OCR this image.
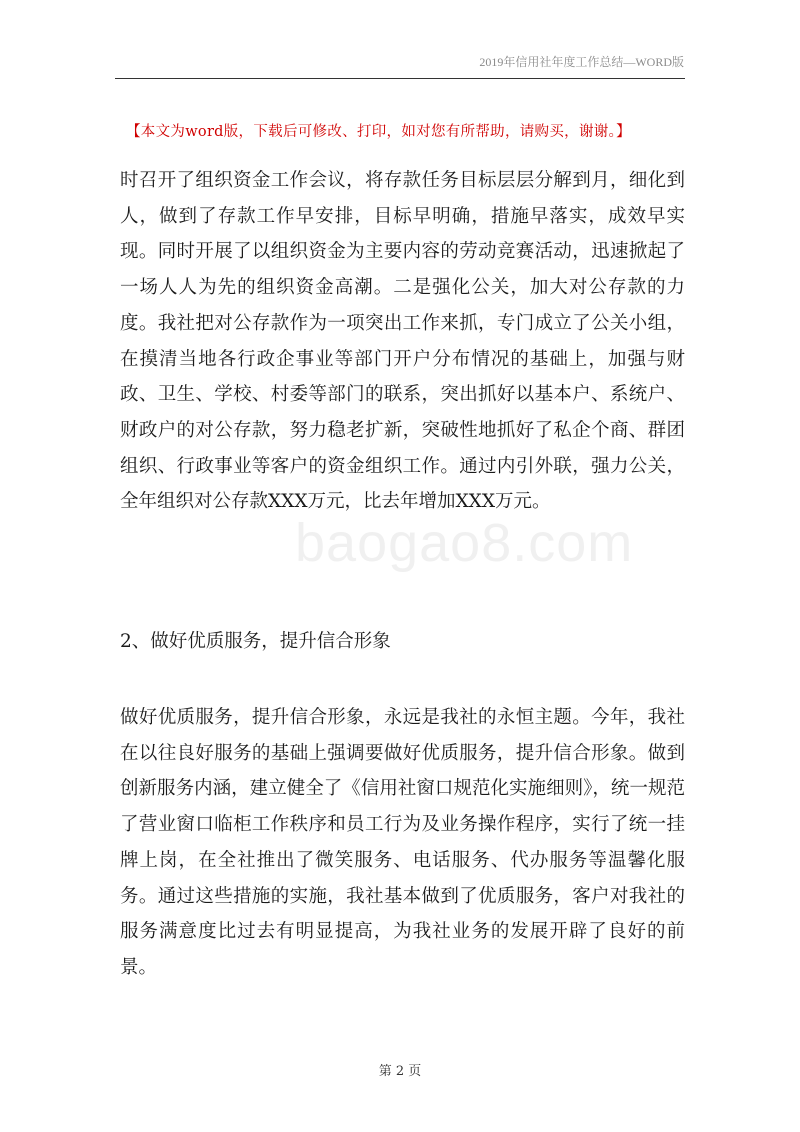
2019年信用社年度工作总结—WORD版
【本文为word版，下载后可修改、打印，如对您有所帮助，请购买，谢谢。】

时召开了组织资金工作会议，将存款任务目标层层分解到月，细化到人，做到了存款工作早安排，目标早明确，措施早落实，成效早实现。同时开展了以组织资金为主要内容的劳动竞赛活动，迅速掀起了一场人人为先的组织资金高潮。二是强化公关，加大对公存款的力度。我社把对公存款作为一项突出工作来抓，专门成立了公关小组，在摸清当地各行政企事业等部门开户分布情况的基础上，加强与财政、卫生、学校、村委等部门的联系，突出抓好以基本户、系统户、财政户的对公存款，努力稳老扩新，突破性地抓好了私企个商、群团组织、行政事业等客户的资金组织工作。通过内引外联，强力公关，全年组织对公存款XXX万元，比去年增加XXX万元。

2、做好优质服务，提升信合形象

做好优质服务，提升信合形象，永远是我社的永恒主题。今年，我社在以往良好服务的基础上强调要做好优质服务，提升信合形象。做到创新服务内涵，建立健全了《信用社窗口规范化实施细则》，统一规范了营业窗口临柜工作秩序和员工行为及业务操作程序，实行了统一挂牌上岗，在全社推出了微笑服务、电话服务、代办服务等温馨化服务。通过这些措施的实施，我社基本做到了优质服务，客户对我社的服务满意度比过去有明显提高，为我社业务的发展开辟了良好的前景。

baogao8.com
第 2 页
